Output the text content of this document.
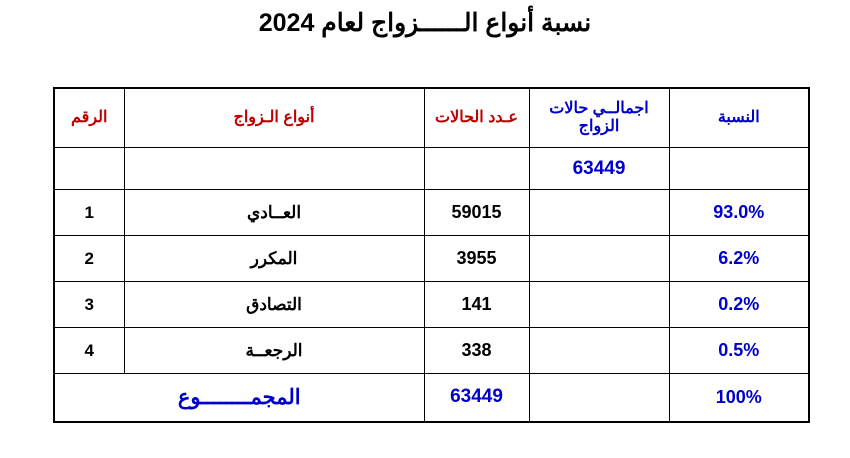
نسبة أنواع الــــــزواج لعام 2024
النسبة	اجمالــي حالات الزواج	عـدد الحالات	أنواع الـزواج	الرقم
	63449			
93.0%		59015	العــادي	1
6.2%		3955	المكرر	2
0.2%		141	التصادق	3
0.5%		338	الرجعــة	4
100%		63449	المجمــــــــوع	
